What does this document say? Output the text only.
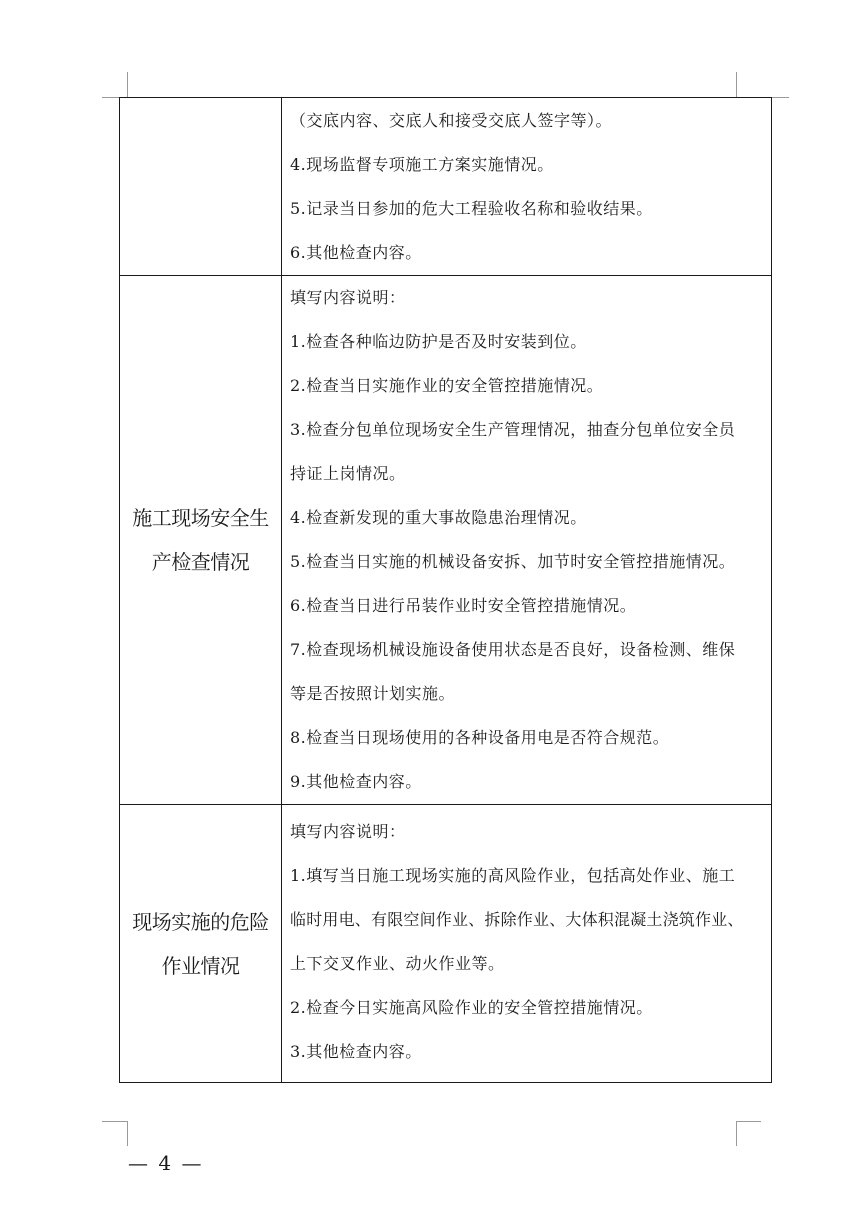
（交底内容、交底人和接受交底人签字等）。
4.现场监督专项施工方案实施情况。
5.记录当日参加的危大工程验收名称和验收结果。
6.其他检查内容。
施工现场安全生产检查情况
填写内容说明：
1.检查各种临边防护是否及时安装到位。
2.检查当日实施作业的安全管控措施情况。
3.检查分包单位现场安全生产管理情况，抽查分包单位安全员
持证上岗情况。
4.检查新发现的重大事故隐患治理情况。
5.检查当日实施的机械设备安拆、加节时安全管控措施情况。
6.检查当日进行吊装作业时安全管控措施情况。
7.检查现场机械设施设备使用状态是否良好，设备检测、维保
等是否按照计划实施。
8.检查当日现场使用的各种设备用电是否符合规范。
9.其他检查内容。
现场实施的危险作业情况
填写内容说明：
1.填写当日施工现场实施的高风险作业，包括高处作业、施工
临时用电、有限空间作业、拆除作业、大体积混凝土浇筑作业、
上下交叉作业、动火作业等。
2.检查今日实施高风险作业的安全管控措施情况。
3.其他检查内容。
— 4 —
